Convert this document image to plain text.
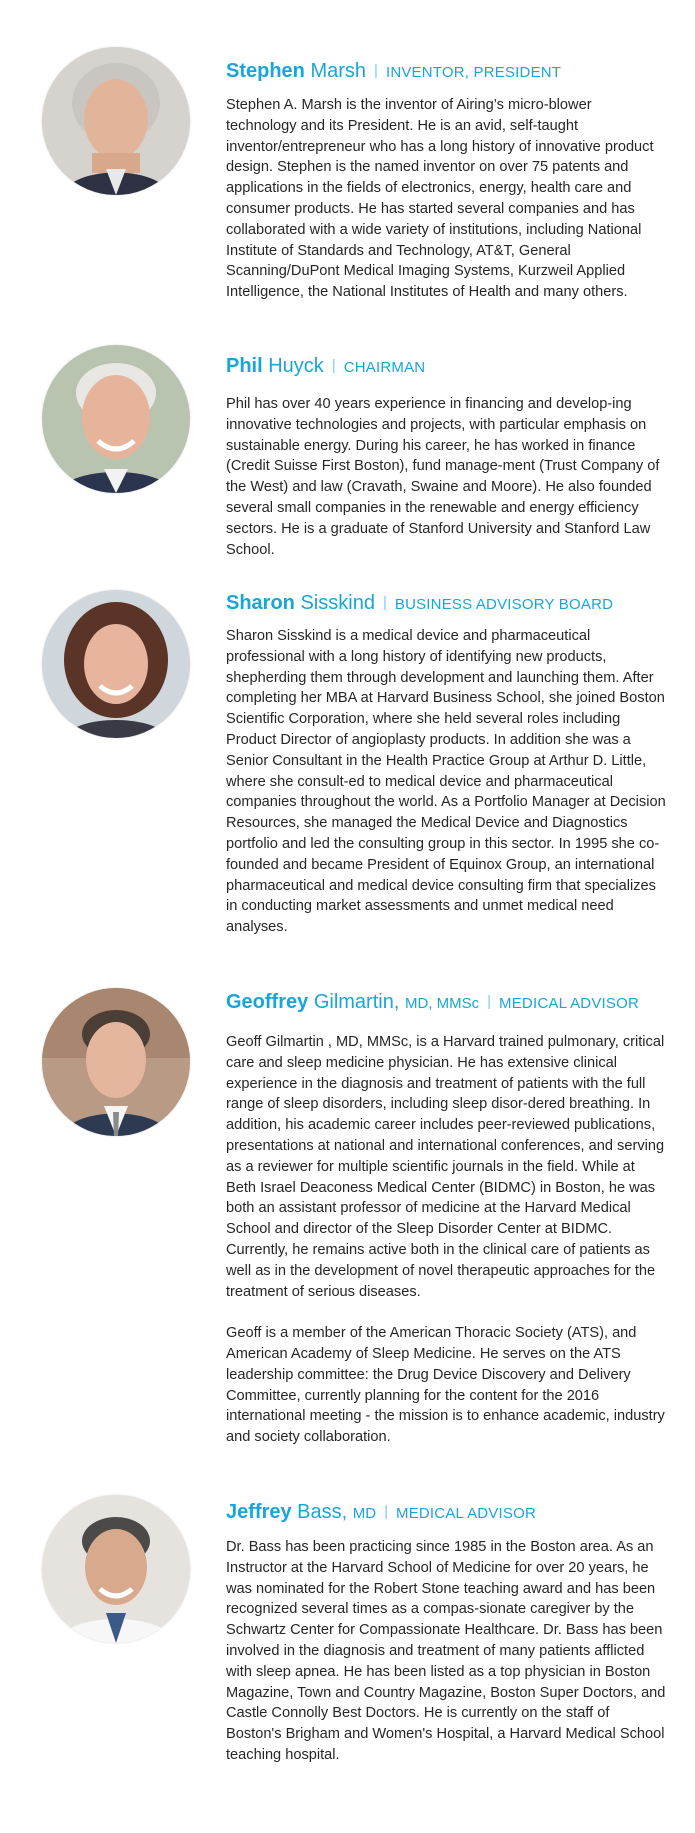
Stephen Marsh | INVENTOR, PRESIDENT

Stephen A. Marsh is the inventor of Airing’s micro-blower technology and its President. He is an avid, self-taught inventor/entrepreneur who has a long history of innovative product design. Stephen is the named inventor on over 75 patents and applications in the fields of electronics, energy, health care and consumer products. He has started several companies and has collaborated with a wide variety of institutions, including National Institute of Standards and Technology, AT&T, General Scanning/DuPont Medical Imaging Systems, Kurzweil Applied Intelligence, the National Institutes of Health and many others.

Phil Huyck | CHAIRMAN

Phil has over 40 years experience in financing and develop-ing innovative technologies and projects, with particular emphasis on sustainable energy. During his career, he has worked in finance (Credit Suisse First Boston), fund manage-ment (Trust Company of the West) and law (Cravath, Swaine and Moore). He also founded several small companies in the renewable and energy efficiency sectors. He is a graduate of Stanford University and Stanford Law School.

Sharon Sisskind | BUSINESS ADVISORY BOARD

Sharon Sisskind is a medical device and pharmaceutical professional with a long history of identifying new products, shepherding them through development and launching them. After completing her MBA at Harvard Business School, she joined Boston Scientific Corporation, where she held several roles including Product Director of angioplasty products. In addition she was a Senior Consultant in the Health Practice Group at Arthur D. Little, where she consult-ed to medical device and pharmaceutical companies throughout the world. As a Portfolio Manager at Decision Resources, she managed the Medical Device and Diagnostics portfolio and led the consulting group in this sector. In 1995 she co-founded and became President of Equinox Group, an international pharmaceutical and medical device consulting firm that specializes in conducting market assessments and unmet medical need analyses.

Geoffrey Gilmartin, MD, MMSc | MEDICAL ADVISOR

Geoff Gilmartin , MD, MMSc, is a Harvard trained pulmonary, critical care and sleep medicine physician. He has extensive clinical experience in the diagnosis and treatment of patients with the full range of sleep disorders, including sleep disor-dered breathing. In addition, his academic career includes peer-reviewed publications, presentations at national and international conferences, and serving as a reviewer for multiple scientific journals in the field. While at Beth Israel Deaconess Medical Center (BIDMC) in Boston, he was both an assistant professor of medicine at the Harvard Medical School and director of the Sleep Disorder Center at BIDMC. Currently, he remains active both in the clinical care of patients as well as in the development of novel therapeutic approaches for the treatment of serious diseases.

Geoff is a member of the American Thoracic Society (ATS), and American Academy of Sleep Medicine. He serves on the ATS leadership committee: the Drug Device Discovery and Delivery Committee, currently planning for the content for the 2016 international meeting - the mission is to enhance academic, industry and society collaboration.

Jeffrey Bass, MD | MEDICAL ADVISOR

Dr. Bass has been practicing since 1985 in the Boston area. As an Instructor at the Harvard School of Medicine for over 20 years, he was nominated for the Robert Stone teaching award and has been recognized several times as a compas-sionate caregiver by the Schwartz Center for Compassionate Healthcare. Dr. Bass has been involved in the diagnosis and treatment of many patients afflicted with sleep apnea. He has been listed as a top physician in Boston Magazine, Town and Country Magazine, Boston Super Doctors, and Castle Connolly Best Doctors. He is currently on the staff of Boston's Brigham and Women's Hospital, a Harvard Medical School teaching hospital.
